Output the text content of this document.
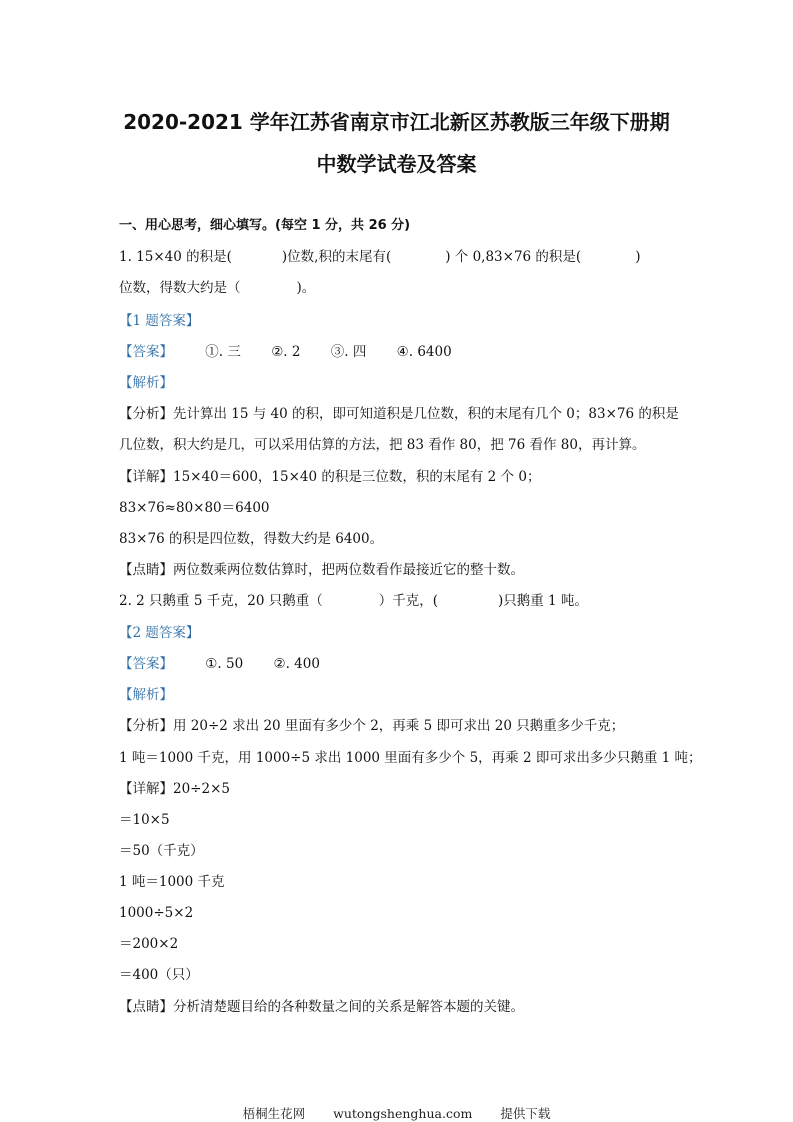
2020-2021 学年江苏省南京市江北新区苏教版三年级下册期
中数学试卷及答案
一、用心思考，细心填写。(每空 1 分，共 26 分)
1. 15×40 的积是(	)位数,积的末尾有(	) 个 0,83×76 的积是(	)
位数，得数大约是（	)。
【1 题答案】
【答案】 ①. 三 ②. 2 ③. 四 ④. 6400
【解析】
【分析】先计算出 15 与 40 的积，即可知道积是几位数，积的末尾有几个 0；83×76 的积是
几位数，积大约是几，可以采用估算的方法，把 83 看作 80，把 76 看作 80，再计算。
【详解】15×40＝600，15×40 的积是三位数，积的末尾有 2 个 0；
83×76≈80×80＝6400
83×76 的积是四位数，得数大约是 6400。
【点睛】两位数乘两位数估算时，把两位数看作最接近它的整十数。
2. 2 只鹅重 5 千克，20 只鹅重（	）千克，(	)只鹅重 1 吨。
【2 题答案】
【答案】 ①. 50 ②. 400
【解析】
【分析】用 20÷2 求出 20 里面有多少个 2，再乘 5 即可求出 20 只鹅重多少千克；
1 吨＝1000 千克，用 1000÷5 求出 1000 里面有多少个 5，再乘 2 即可求出多少只鹅重 1 吨；
【详解】20÷2×5
＝10×5
＝50（千克）
1 吨＝1000 千克
1000÷5×2
＝200×2
＝400（只）
【点睛】分析清楚题目给的各种数量之间的关系是解答本题的关键。
梧桐生花网 wutongshenghua.com 提供下载
